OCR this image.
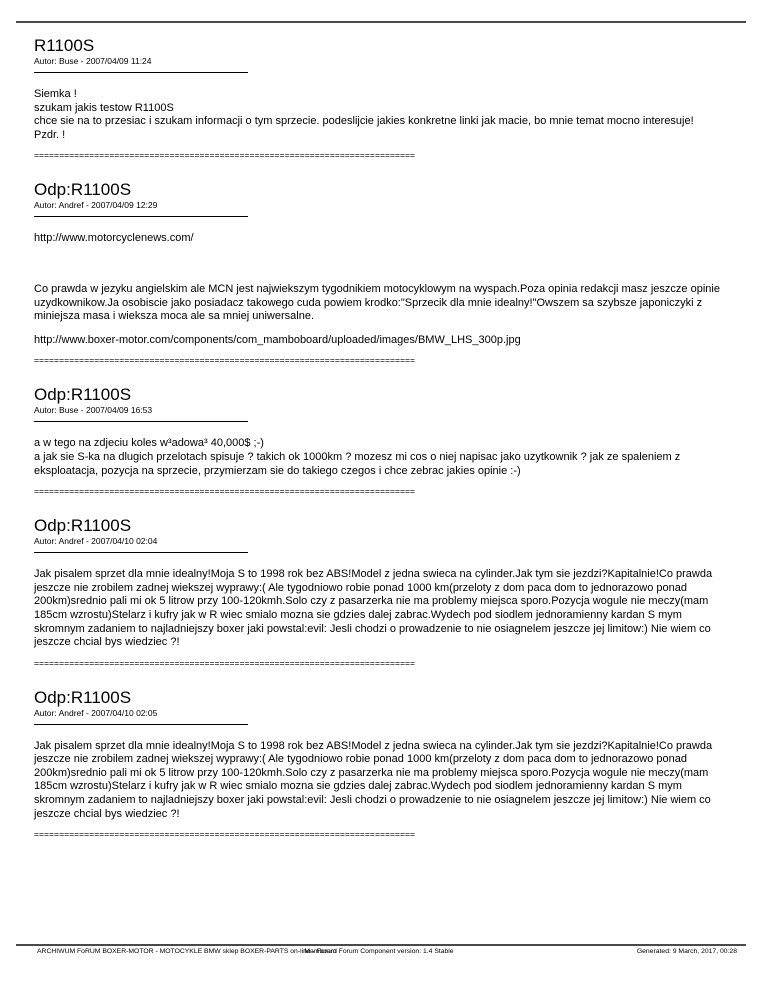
R1100S
Autor: Buse - 2007/04/09 11:24

Siemka !
szukam jakis testow R1100S
chce sie na to przesiac i szukam informacji o tym sprzecie. podeslijcie jakies konkretne linki jak macie, bo mnie temat mocno interesuje!
Pzdr. !

============================================================================
Odp:R1100S
Autor: Andref - 2007/04/09 12:29

http://www.motorcyclenews.com/

Co prawda w jezyku angielskim ale MCN jest najwiekszym tygodnikiem motocyklowym na wyspach.Poza opinia redakcji masz jeszcze opinie uzydkownikow.Ja osobiscie jako posiadacz takowego cuda powiem krodko:"Sprzecik dla mnie idealny!"Owszem sa szybsze japoniczyki z miniejsza masa i wieksza moca ale sa mniej uniwersalne.

http://www.boxer-motor.com/components/com_mamboboard/uploaded/images/BMW_LHS_300p.jpg

============================================================================
Odp:R1100S
Autor: Buse - 2007/04/09 16:53

a w tego na zdjeciu koles w³adowa³ 40,000$ ;-)
a jak sie S-ka na dlugich przelotach spisuje ? takich ok 1000km ? mozesz mi cos o niej napisac jako uzytkownik ? jak ze spaleniem z eksploatacja, pozycja na sprzecie, przymierzam sie do takiego czegos i chce zebrac jakies opinie :-)

============================================================================
Odp:R1100S
Autor: Andref - 2007/04/10 02:04

Jak pisalem sprzet dla mnie idealny!Moja S to 1998 rok bez ABS!Model z jedna swieca na cylinder.Jak tym sie jezdzi?Kapitalnie!Co prawda jeszcze nie zrobilem zadnej wiekszej wyprawy:( Ale tygodniowo robie ponad 1000 km(przeloty z dom paca dom to jednorazowo ponad 200km)srednio pali mi ok 5 litrow przy 100-120kmh.Solo czy z pasarzerka nie ma problemy miejsca sporo.Pozycja wogule nie meczy(mam 185cm wzrostu)Stelarz i kufry jak w R wiec smialo mozna sie gdzies dalej zabrac.Wydech pod siodlem jednoramienny kardan S mym skromnym zadaniem to najladniejszy boxer jaki powstal:evil: Jesli chodzi o prowadzenie to nie osiagnelem jeszcze jej limitow:) Nie wiem co jeszcze chcial bys wiedziec ?!

============================================================================
Odp:R1100S
Autor: Andref - 2007/04/10 02:05

Jak pisalem sprzet dla mnie idealny!Moja S to 1998 rok bez ABS!Model z jedna swieca na cylinder.Jak tym sie jezdzi?Kapitalnie!Co prawda jeszcze nie zrobilem zadnej wiekszej wyprawy:( Ale tygodniowo robie ponad 1000 km(przeloty z dom paca dom to jednorazowo ponad 200km)srednio pali mi ok 5 litrow przy 100-120kmh.Solo czy z pasarzerka nie ma problemy miejsca sporo.Pozycja wogule nie meczy(mam 185cm wzrostu)Stelarz i kufry jak w R wiec smialo mozna sie gdzies dalej zabrac.Wydech pod siodlem jednoramienny kardan S mym skromnym zadaniem to najladniejszy boxer jaki powstal:evil: Jesli chodzi o prowadzenie to nie osiagnelem jeszcze jej limitow:) Nie wiem co jeszcze chcial bys wiedziec ?!

============================================================================
ARCHIWUM FoRUM BOXER-MOTOR - MOTOCYKLE BMW sklep BOXER-PARTS on-line - ForumMamboard Forum Component version: 1.4 Stable	Generated: 9 March, 2017, 00:28
